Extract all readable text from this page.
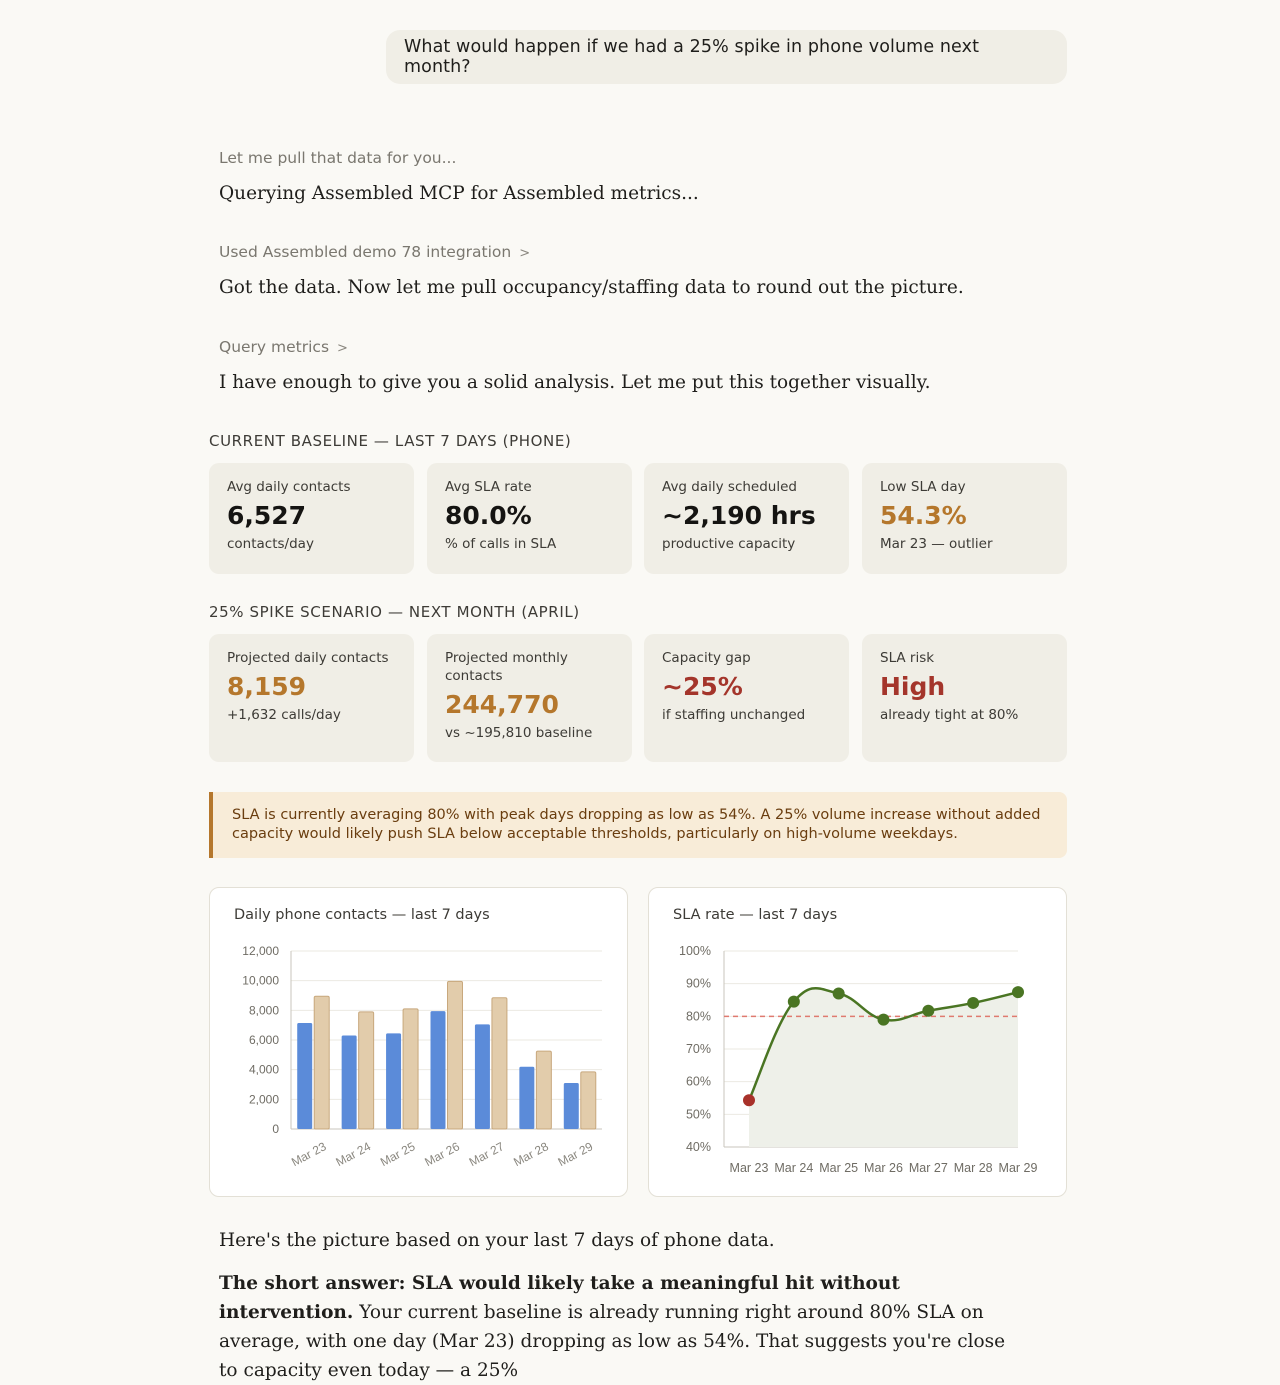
What would happen if we had a 25% spike in phone volume next month?
Let me pull that data for you...
Querying Assembled MCP for Assembled metrics...
Used Assembled demo 78 integration >
Got the data. Now let me pull occupancy/staffing data to round out the picture.
Query metrics >
I have enough to give you a solid analysis. Let me put this together visually.
CURRENT BASELINE — LAST 7 DAYS (PHONE)
Avg daily contacts
6,527
contacts/day
Avg SLA rate
80.0%
% of calls in SLA
Avg daily scheduled
~2,190 hrs
productive capacity
Low SLA day
54.3%
Mar 23 — outlier
25% SPIKE SCENARIO — NEXT MONTH (APRIL)
Projected daily contacts
8,159
+1,632 calls/day
Projected monthly contacts
244,770
vs ~195,810 baseline
Capacity gap
~25%
if staffing unchanged
SLA risk
High
already tight at 80%
SLA is currently averaging 80% with peak days dropping as low as 54%. A 25% volume increase without added capacity would likely push SLA below acceptable thresholds, particularly on high-volume weekdays.
Daily phone contacts — last 7 days
0
2,000
4,000
6,000
8,000
10,000
12,000
Mar 23 Mar 24 Mar 25 Mar 26 Mar 27 Mar 28 Mar 29
SLA rate — last 7 days
40%
50%
60%
70%
80%
90%
100%
Mar 23 Mar 24 Mar 25 Mar 26 Mar 27 Mar 28 Mar 29
Here's the picture based on your last 7 days of phone data.
The short answer: SLA would likely take a meaningful hit without intervention. Your current baseline is already running right around 80% SLA on average, with one day (Mar 23) dropping as low as 54%. That suggests you're close to capacity even today — a 25%
